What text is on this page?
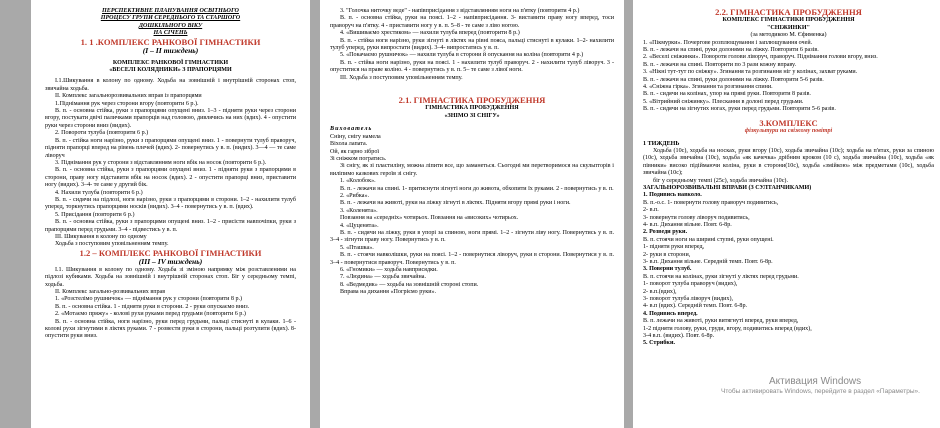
ПЕРСПЕКТИВНЕ ПЛАНУВАННЯ ОСВІТНЬОГО

ПРОЦЕСУ ГРУПИ СЕРЕДНЬОГО ТА СТАРШОГО

ДОШКІЛЬНОГО ВІКУ

НА СІЧЕНЬ

1. 1 .КОМПЛЕКС РАНКОВОЇ ГІМНАСТИКИ

(І – ІІ тиждень)

КОМПЛЕКС РАНКОВОЇ ГІМНАСТИКИ

«ВЕСЕЛІ КОЛЯДНИКИ» З ПРАПОРЦЯМИ

І.1.Шикування в колону по одному. Ходьба на зовнішній і внутрішній сторонах стоп, звичайна ходьба.

ІІ. Комплекс загальнорозвивальних вправ із прапорцями

1.Піднімання рук через сторони вгору (повторити 6 р.).

В. п. - основна стійка, руки з прапорцями опущені вниз. 1–3 - підняти руки через сторони вгору, постукати двічі паличками прапорців над головою, дивлячись на них (вдих). 4 - опустити руки через сторони вниз (видих).

2. Повороти тулуба (повторити 6 р.)

В. п. - стійка ноги нарізно, руки з прапорцями опущені вниз. 1 - повернути тулуб праворуч, підняти прапорці вперед на рівень плечей (вдих). 2- повернутись у в. п. (видих). 3—4 — те саме ліворуч

3. Піднімання рук у сторони з відставлянням ноги вбік на носок (повторити 6 р.).

В. п. - основна стійка, руки з прапорцями опущені вниз. 1 - підняти руки з прапорцями в сторони, праву ногу відставити вбік на носок (вдих). 2 - опустити прапорці вниз, приставити ногу (видих). 3–4- те саме у другий бік.

4. Нахили тулуба (повторити 6 р.)

В. п. - сидячи на підлозі, ноги нарізно, руки з прапорцями в сторони. 1–2 - нахилити тулуб уперед, торкнутись прапорцями носків (видих). 3–4 - повернутись у в. п. (вдих).

5. Присідання (повторити 6 р.)

В. п. - основна стійка, руки з прапорцями опущені вниз. 1–2 - присісти навпочіпки, руки з прапорцями перед грудьми. 3–4 - підвестись у в. п.

ІІІ. Шикування в колону по одному

Ходьба з поступовим уповільненням темпу.

1.2 – КОМПЛЕКС РАНКОВОЇ ГІМНАСТИКИ

(ІІІ – ІV тиждень)

І.1. Шикування в колону по одному. Ходьба зі зміною напрямку між розставленими на підлозі кубиками. Ходьба на зовнішній і внутрішній сторонах стоп. Біг у середньому темпі, ходьба.

ІІ. Комплекс загально-розвивальних вправ

1. «Розстелімо рушничок» — піднімання рук у сторони (повторити 8 р.)

В. п. - основна стійка. 1 - підняти руки в сторони. 2 - руки опускаємо вниз.

2. «Мотаємо пряжу» - колові рухи руками перед грудьми (повторити 6 р.)

В. п. - основна стійка, ноги нарізно, руки перед грудьми, пальці стиснуті в кулаки. 1–6 - колові рухи зігнутими в ліктях руками. 7 - розвести руки в сторони, пальці розтулити (вдих). 8- опустити руки вниз.

3. "Голочка ниточку веде" - напівприсідання з відставлянням ноги на п'ятку (повторити 4 р.)

В. п. - основна стійка, руки на поясі. 1–2 - напівприсідання. 3- виставити праву ногу вперед, тоси праворуч на п'ятку. 4 - приставити ногу у в. п. 5–8 - те саме з ліво ногою.

4. «Вишиваємо хрестиком» — нахили тулуба вперед (повторити 8 р.)

В. п. - стійка ноги нарізно, руки зігнуті в ліктях на рівні пояса, пальці стиснуті в кулаки. 1–2- нахилити тулуб уперед, руки випростати (видих). 3–4- випростатись у в. п.

5. «Покачаємо рушничок» — нахили тулуба в сторони й опускання на коліна (повторити 4 р.)

В. п. - стійка ноги нарізно, руки на поясі. 1 - нахилити тулуб праворуч. 2 - нахилити тулуб ліворуч. 3 - опуститися на праве коліно. 4 - повернутись у в. п. 5– те саме з лівої ноги.

ІІІ. Ходьба з поступовим уповільненням темпу.

2.1. ГІМНАСТИКА ПРОБУДЖЕННЯ

ГІМНАСТИКА ПРОБУДЖЕННЯ

«ЗНІМО ЗІ СНІГУ»

Вихователь

Сніну, снігу намела

Віхола лапата.

Ой, як гарно зіброї

Зі сніжком погратись.

Зі снігу, як зі пластиліну, можна ліпити все, що заманеться. Сьогодні ми перетворимося на скульпторів і виліпимо казкових героїв зі снігу.

1. «Колобок».

В. п. - лежачи на спині. 1- притиснути зігнуті ноги до живота, обхопити їх руками. 2 - повернутись у в. п.

2. «Рибка».

В. п. - лежачи на животі, руки на ліжку зігнуті в ліктях. Підняти вгору прямі руки і ноги.

3. «Коленята».

Повзання на «середніх» чотирьох. Повзання на «високих» чотирьох.

4. «Цуценята».

В. п. - сидячи на ліжку, руки в упорі за спиною, ноги прямі. 1–2 - зігнути ліву ногу. Повернутись у в. п. 3–4 - зігнути праву ногу. Повернутись у в. п.

5. «Пташка».

В. п. - стоячи навколішки, руки на поясі. 1–2 - повернутися ліворуч, руки в сторони. Повернутися у в. п. 3–4 - повернутися праворуч. Повернутись у в. п.

6. «Гномики» — ходьба навприсядки.

7. «Людина» — ходьба звичайна.

8. «Ведмедик» — ходьба на зовнішній стороні стопи.

Вправа на дихання «Погріємо руки».

2.2. ГІМНАСТИКА ПРОБУДЖЕННЯ

КОМПЛЕКС ГІМНАСТИКИ ПРОБУДЖЕННЯ

"СНІЖИНКИ"

(за методикою М. Єфименка)

1. «Пікмурки». Почергове розплющування і заплющування очей.

В. п. - лежачи на спині, руки долонями на ліжку. Повторити 6 разів.

2. «Веселі сніжинки». Повороти голови ліворуч, праворуч. Піднімання голови вгору, вниз.

В. п. - лежачи на спині. Повторити по 3 рази кожну вправу.

3. «Нікні тут-тут по сніжку». Згинання та розгинання ніг у колінах, захват руками.

В. п. - лежачи на спині, руки долонями на ліжку. Повторити 5-6 разів.

4. «Сніжна гірка». Згинання та розгинання спини.

В. п. - сидячи на колінах, упор на прямі руки. Повторити 8 разів.

5. «Вітрийний сніжинку». Плескання в долоні перед грудьми.

В. п. - сидячи на зігнутих ногах, руки перед грудьми. Повторити 5-6 разів.

3.КОМПЛЕКС

фізкультури на свіжому повітрі

1 ТИЖДЕНЬ

Ходьба (10с), ходьба на носках, руки вгору (10с), ходьба звичайна (10с); ходьба на п'ятах, руки за спиною (10с), ходьба звичайна (10с), ходьба «як качечка» дрібним кроком (10 с), ходьба звичайна (10с), ходьба «як півники» високо підіймаючи коліна, руки в сторони(10с), ходьба «змійкою» між предметами (10с), ходьба звичайна (10с);

біг у середньому темпі (25с), ходьба звичайна (10с).

ЗАГАЛЬНОРОЗВИВАЛЬНІ ВПРАВИ (З СУЛТАНЧИКАМИ)

1. Подивись навколо.

В. п.-о.с. 1- повернути голову праворуч подивитись,

2- в.п.

3- повернути голову ліворуч подивитись,

4- в.п. Дихання вільне. Повт. 6-8р.

2. Розведи руки.

В. п. стоячи ноги на ширині ступні, руки опущені.

1- підняти руки вперед,

2- руки в сторони,

3- в.п. Дихання вільне. Середній темп. Повт. 6-8р.

3. Поверни тулуб.

В. п. стоячи на колінах, руки зігнуті у ліктях перед грудьми.

1- поворот тулуба праворуч (видих),

2- в.п.(вдих),

3- поворот тулуба ліворуч (видих),

4- в.п (вдих). Середній темп. Повт. 6-8р.

4. Подивись вперед.

В. п. лежачи на животі, руки витягнуті вперед, руки вперед,

1-2 підняти голову, руки, груди, вгору, подивитись вперед (вдих),

3-4 в.п. (видих). Повт. 6-8р.

5. Стрибки.

Активация Windows
Чтобы активировать Windows, перейдите в раздел «Параметры».
